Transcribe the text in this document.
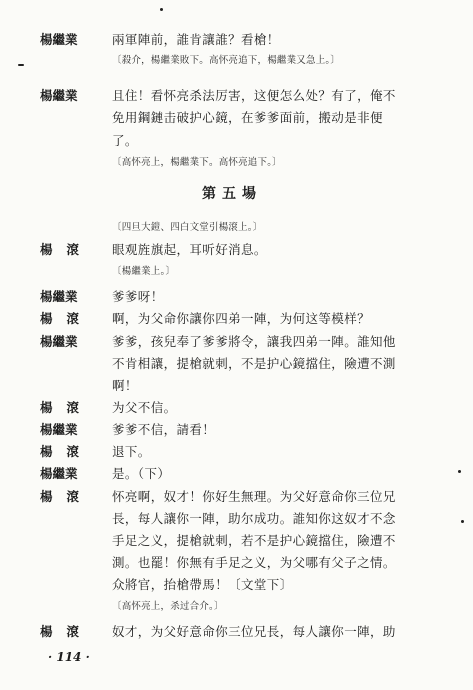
楊繼業	兩軍陣前，誰肯讓誰？看槍！
〔殺介，楊繼業敗下。高怀亮追下，楊繼業又急上。〕
楊繼業	且住！看怀亮杀法厉害，这便怎么处？有了，俺不
免用鋼鏈击破护心鏡，在爹爹面前，搬动是非便
了。
〔高怀亮上，楊繼業下。高怀亮追下。〕
第五場
〔四旦大鎧、四白文堂引楊滾上。〕
楊滾 眼观旌旗起，耳听好消息。
〔楊繼業上。〕
楊繼業	爹爹呀！
楊滾 啊，为父命你讓你四弟一陣，为何这等模样？
楊繼業	爹爹，孩兒奉了爹爹將令，讓我四弟一陣。誰知他
不肯相讓，提槍就刺，不是护心鏡擋住，險遭不測
啊！
楊滾 为父不信。
楊繼業	爹爹不信，請看！
楊滾 退下。
楊繼業	是。（下）
楊滾 怀亮啊，奴才！你好生無理。为父好意命你三位兄
長，每人讓你一陣，助尔成功。誰知你这奴才不念
手足之义，提槍就刺，若不是护心鏡擋住，險遭不
測。也罷！你無有手足之义，为父哪有父子之情。
众將官，抬槍帶馬！〔文堂下〕
〔高怀亮上，杀过合介。〕
楊滾 奴才，为父好意命你三位兄長，每人讓你一陣，助
· 114 ·
